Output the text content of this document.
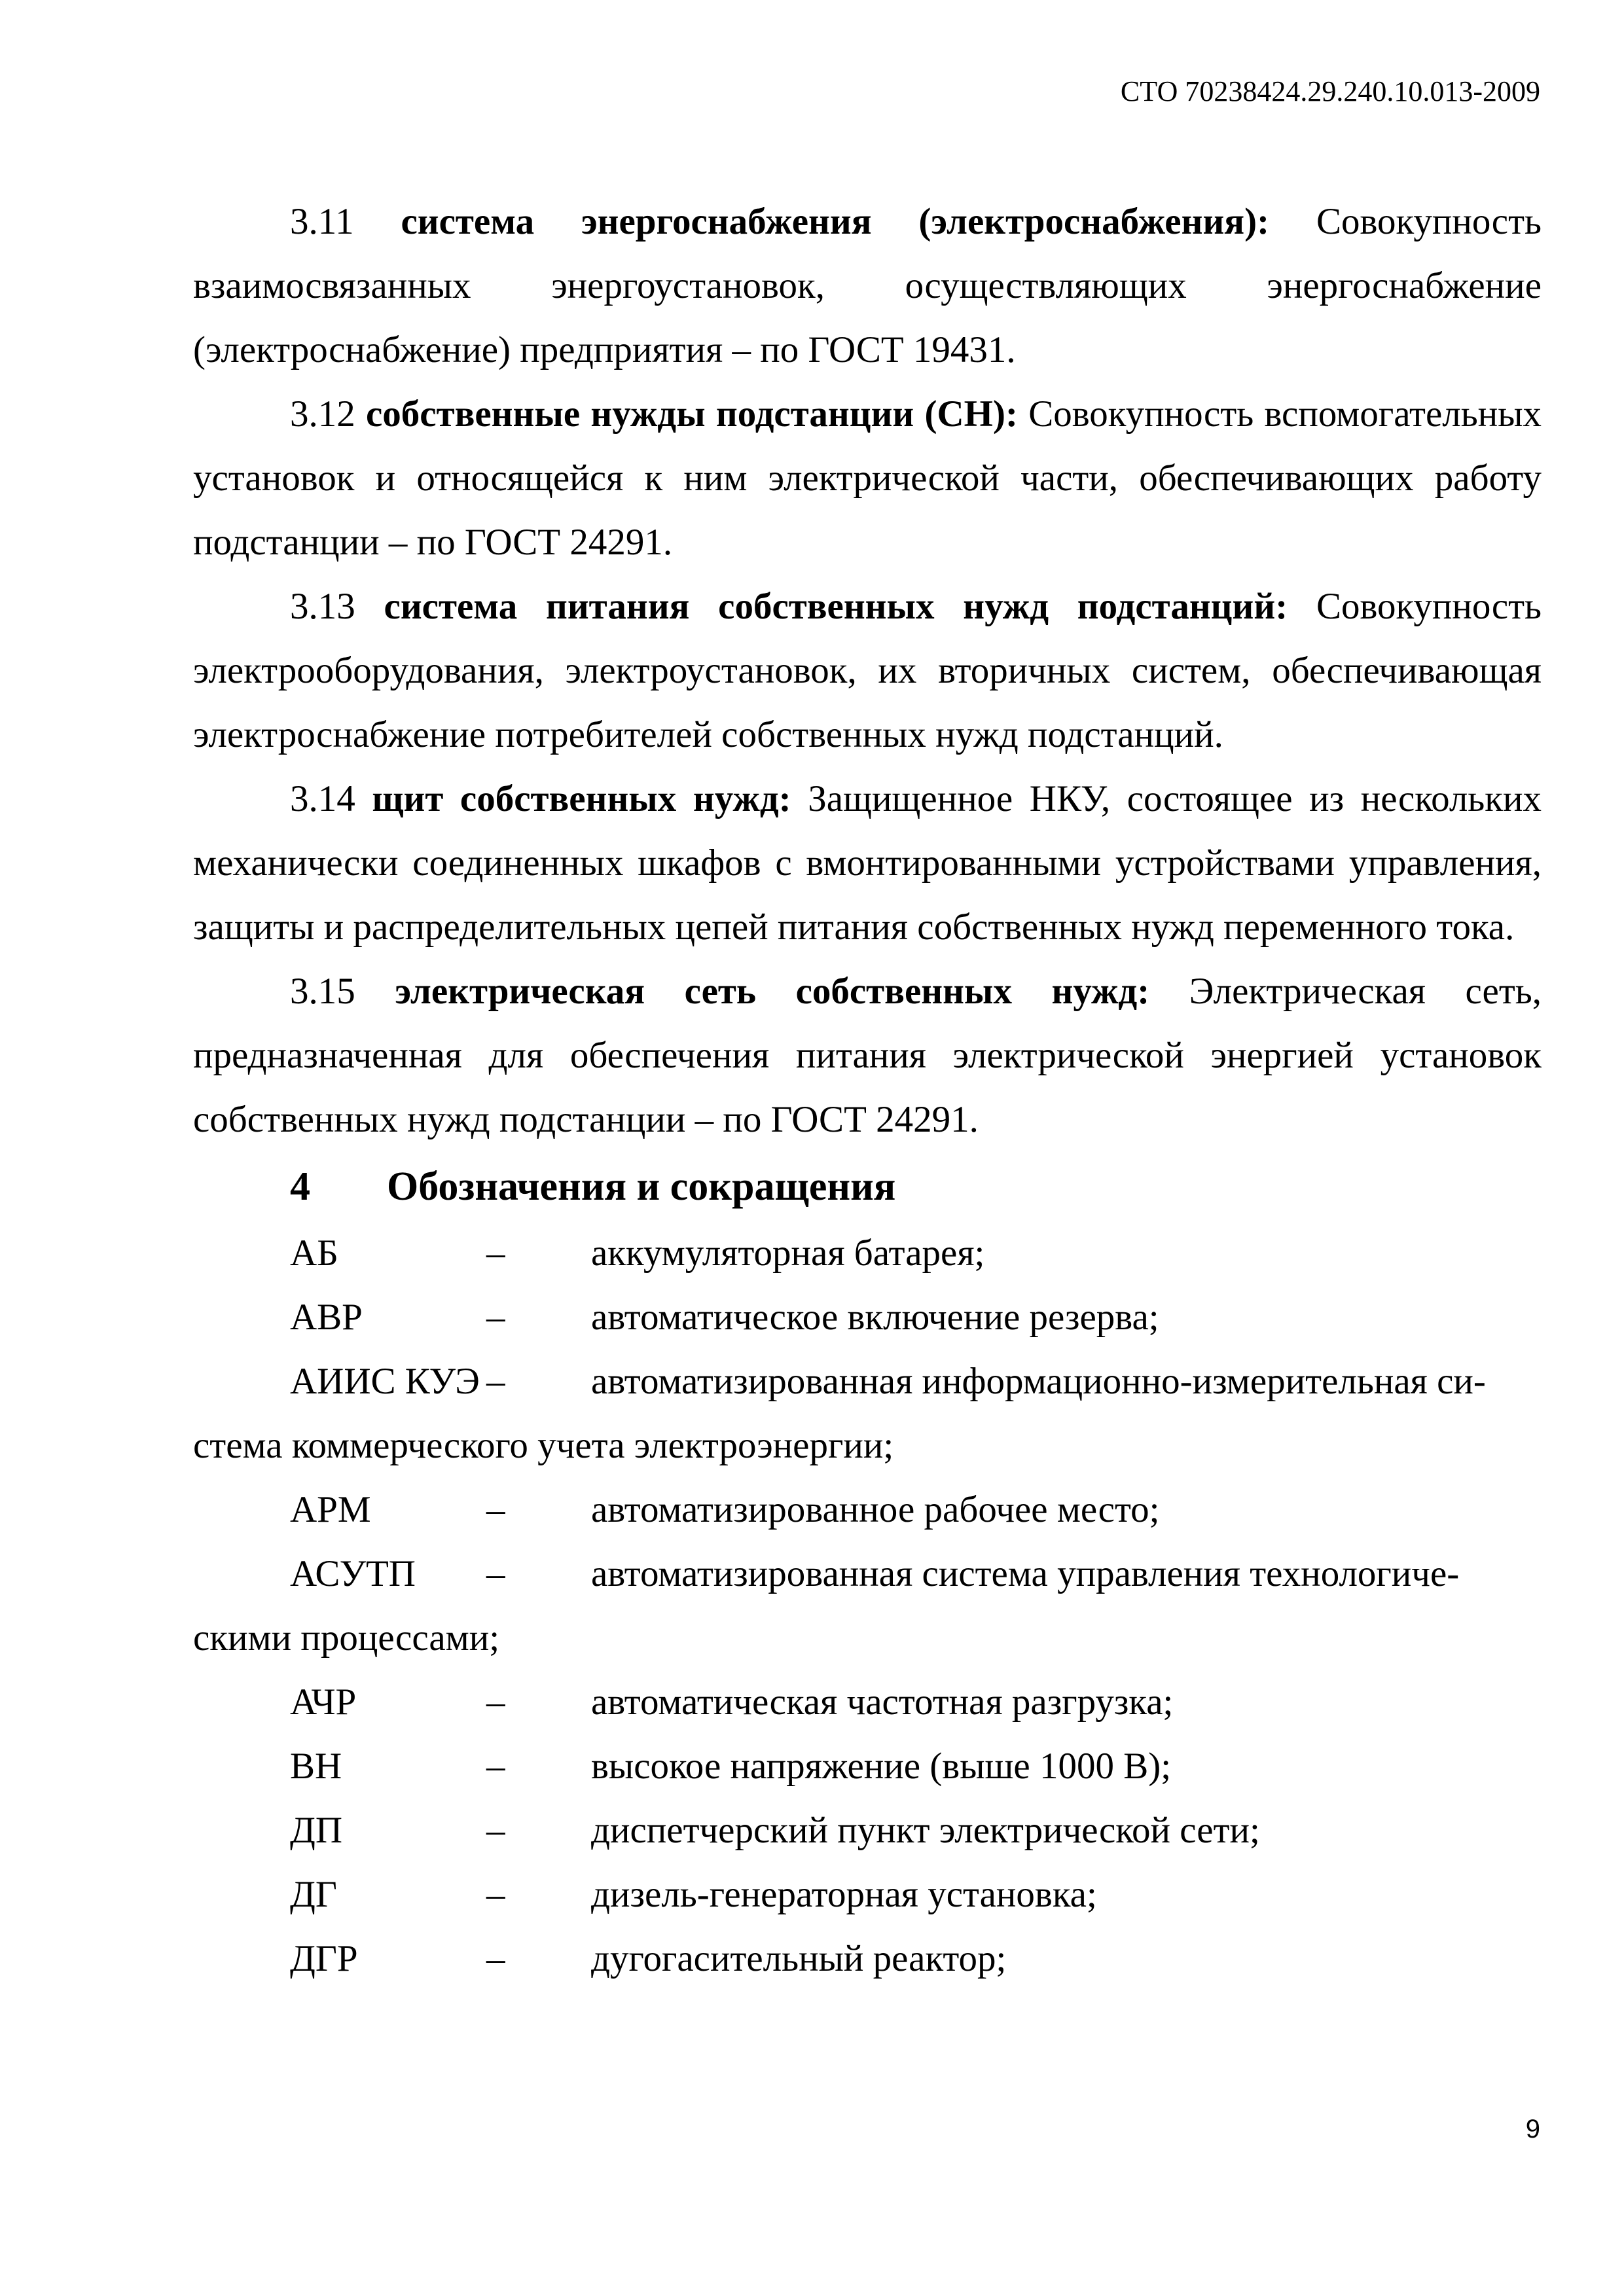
СТО 70238424.29.240.10.013-2009

3.11 система энергоснабжения (электроснабжения): Совокупность взаимосвязанных энергоустановок, осуществляющих энергоснабжение (электроснабжение) предприятия – по ГОСТ 19431.

3.12 собственные нужды подстанции (СН): Совокупность вспомогательных установок и относящейся к ним электрической части, обеспечивающих работу подстанции – по ГОСТ 24291.

3.13 система питания собственных нужд подстанций: Совокупность электрооборудования, электроустановок, их вторичных систем, обеспечивающая электроснабжение потребителей собственных нужд подстанций.

3.14 щит собственных нужд: Защищенное НКУ, состоящее из нескольких механически соединенных шкафов с вмонтированными устройствами управления, защиты и распределительных цепей питания собственных нужд переменного тока.

3.15 электрическая сеть собственных нужд: Электрическая сеть, предназначенная для обеспечения питания электрической энергией установок собственных нужд подстанции – по ГОСТ 24291.

4	Обозначения и сокращения

АБ	–	аккумуляторная батарея;

АВР	–	автоматическое включение резерва;

АИИС КУЭ –	автоматизированная информационно-измерительная си-

стема коммерческого учета электроэнергии;

АРМ	–	автоматизированное рабочее место;

АСУТП	–	автоматизированная система управления технологиче-

скими процессами;

АЧР	–	автоматическая частотная разгрузка;

ВН	–	высокое напряжение (выше 1000 В);

ДП	–	диспетчерский пункт электрической сети;

ДГ	–	дизель-генераторная установка;

ДГР	–	дугогасительный реактор;

9
